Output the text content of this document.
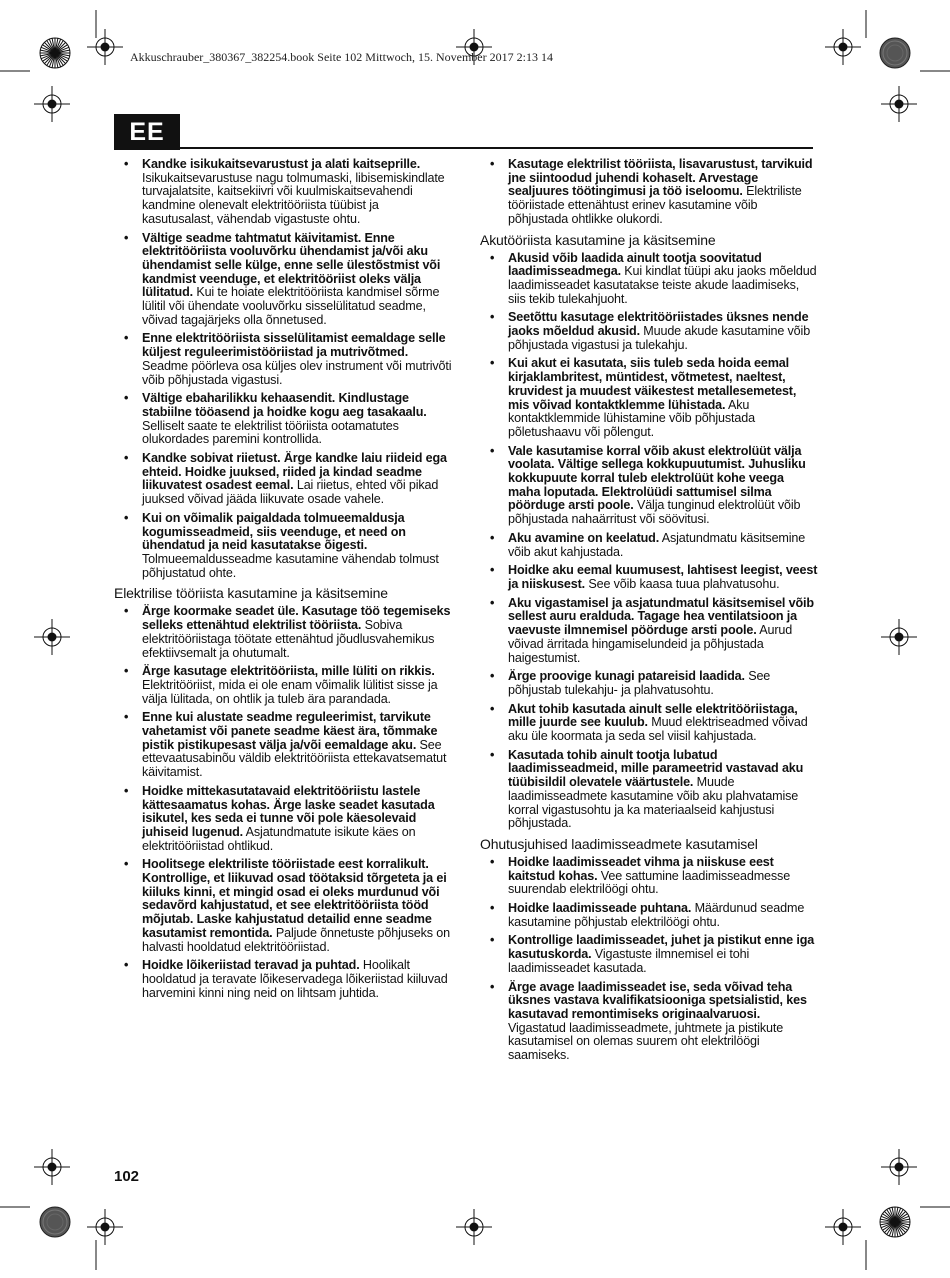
Akkuschrauber_380367_382254.book Seite 102 Mittwoch, 15. November 2017 2:13 14
EE
• Kandke isikukaitsevarustust ja alati kaitseprille. Isikukaitsevarustuse nagu tolmumaski, libisemiskindlate turvajalatsite, kaitsekiivri või kuulmiskaitsevahendi kandmine olenevalt elektritööriista tüübist ja kasutusalast, vähendab vigastuste ohtu.
• Vältige seadme tahtmatut käivitamist. Enne elektritööriista vooluvõrku ühendamist ja/või aku ühendamist selle külge, enne selle ülestõstmist või kandmist veenduge, et elektritööriist oleks välja lülitatud. Kui te hoiate elektritööriista kandmisel sõrme lülitil või ühendate vooluvõrku sisselülitatud seadme, võivad tagajärjeks olla õnnetused.
• Enne elektritööriista sisselülitamist eemaldage selle küljest reguleerimistööriistad ja mutrivõtmed. Seadme pöörleva osa küljes olev instrument või mutrivõti võib põhjustada vigastusi.
• Vältige ebaharilikku kehaasendit. Kindlustage stabiilne tööasend ja hoidke kogu aeg tasakaalu. Selliselt saate te elektrilist tööriista ootamatutes olukordades paremini kontrollida.
• Kandke sobivat riietust. Ärge kandke laiu riideid ega ehteid. Hoidke juuksed, riided ja kindad seadme liikuvatest osadest eemal. Lai riietus, ehted või pikad juuksed võivad jääda liikuvate osade vahele.
• Kui on võimalik paigaldada tolmueemaldusja kogumisseadmeid, siis veenduge, et need on ühendatud ja neid kasutatakse õigesti. Tolmueemaldusseadme kasutamine vähendab tolmust põhjustatud ohte.
Elektrilise tööriista kasutamine ja käsitsemine
• Ärge koormake seadet üle. Kasutage töö tegemiseks selleks ettenähtud elektrilist tööriista. Sobiva elektritööriistaga töötate ettenähtud jõudlusvahemikus efektiivsemalt ja ohutumalt.
• Ärge kasutage elektritööriista, mille lüliti on rikkis. Elektritööriist, mida ei ole enam võimalik lülitist sisse ja välja lülitada, on ohtlik ja tuleb ära parandada.
• Enne kui alustate seadme reguleerimist, tarvikute vahetamist või panete seadme käest ära, tõmmake pistik pistikupesast välja ja/või eemaldage aku. See ettevaatusabinõu väldib elektritööriista ettekavatsematut käivitamist.
• Hoidke mittekasutatavaid elektritööriistu lastele kättesaamatus kohas. Ärge laske seadet kasutada isikutel, kes seda ei tunne või pole käesolevaid juhiseid lugenud. Asjatundmatute isikute käes on elektritööriistad ohtlikud.
• Hoolitsege elektriliste tööriistade eest korralikult. Kontrollige, et liikuvad osad töötaksid tõrgeteta ja ei kiiluks kinni, et mingid osad ei oleks murdunud või sedavõrd kahjustatud, et see elektritööriista tööd mõjutab. Laske kahjustatud detailid enne seadme kasutamist remontida. Paljude õnnetuste põhjuseks on halvasti hooldatud elektritööriistad.
• Hoidke lõikeriistad teravad ja puhtad. Hoolikalt hooldatud ja teravate lõikeservadega lõikeriistad kiiluvad harvemini kinni ning neid on lihtsam juhtida.
• Kasutage elektrilist tööriista, lisavarustust, tarvikuid jne siintoodud juhendi kohaselt. Arvestage sealjuures töötingimusi ja töö iseloomu. Elektriliste tööriistade ettenähtust erinev kasutamine võib põhjustada ohtlikke olukordi.
Akutööriista kasutamine ja käsitsemine
• Akusid võib laadida ainult tootja soovitatud laadimisseadmega. Kui kindlat tüüpi aku jaoks mõeldud laadimisseadet kasutatakse teiste akude laadimiseks, siis tekib tulekahjuoht.
• Seetõttu kasutage elektritööriistades üksnes nende jaoks mõeldud akusid. Muude akude kasutamine võib põhjustada vigastusi ja tulekahju.
• Kui akut ei kasutata, siis tuleb seda hoida eemal kirjaklambritest, müntidest, võtmetest, naeltest, kruvidest ja muudest väikestest metallesemetest, mis võivad kontaktklemme lühistada. Aku kontaktklemmide lühistamine võib põhjustada põletushaavu või põlengut.
• Vale kasutamise korral võib akust elektrolüüt välja voolata. Vältige sellega kokkupuutumist. Juhusliku kokkupuute korral tuleb elektrolüüt kohe veega maha loputada. Elektrolüüdi sattumisel silma pöörduge arsti poole. Välja tunginud elektrolüüt võib põhjustada nahaärritust või söövitusi.
• Aku avamine on keelatud. Asjatundmatu käsitsemine võib akut kahjustada.
• Hoidke aku eemal kuumusest, lahtisest leegist, veest ja niiskusest. See võib kaasa tuua plahvatusohu.
• Aku vigastamisel ja asjatundmatul käsitsemisel võib sellest auru eralduda. Tagage hea ventilatsioon ja vaevuste ilmnemisel pöörduge arsti poole. Aurud võivad ärritada hingamiselundeid ja põhjustada haigestumist.
• Ärge proovige kunagi patareisid laadida. See põhjustab tulekahju- ja plahvatusohtu.
• Akut tohib kasutada ainult selle elektritööriistaga, mille juurde see kuulub. Muud elektriseadmed võivad aku üle koormata ja seda sel viisil kahjustada.
• Kasutada tohib ainult tootja lubatud laadimisseadmeid, mille parameetrid vastavad aku tüübisildil olevatele väärtustele. Muude laadimisseadmete kasutamine võib aku plahvatamise korral vigastusohtu ja ka materiaalseid kahjustusi põhjustada.
Ohutusjuhised laadimisseadmete kasutamisel
• Hoidke laadimisseadet vihma ja niiskuse eest kaitstud kohas. Vee sattumine laadimisseadmesse suurendab elektrilöögi ohtu.
• Hoidke laadimisseade puhtana. Määrdunud seadme kasutamine põhjustab elektrilöögi ohtu.
• Kontrollige laadimisseadet, juhet ja pistikut enne iga kasutuskorda. Vigastuste ilmnemisel ei tohi laadimisseadet kasutada.
• Ärge avage laadimisseadet ise, seda võivad teha üksnes vastava kvalifikatsiooniga spetsialistid, kes kasutavad remontimiseks originaalvaruosi. Vigastatud laadimisseadmete, juhtmete ja pistikute kasutamisel on olemas suurem oht elektrilöögi saamiseks.
102
